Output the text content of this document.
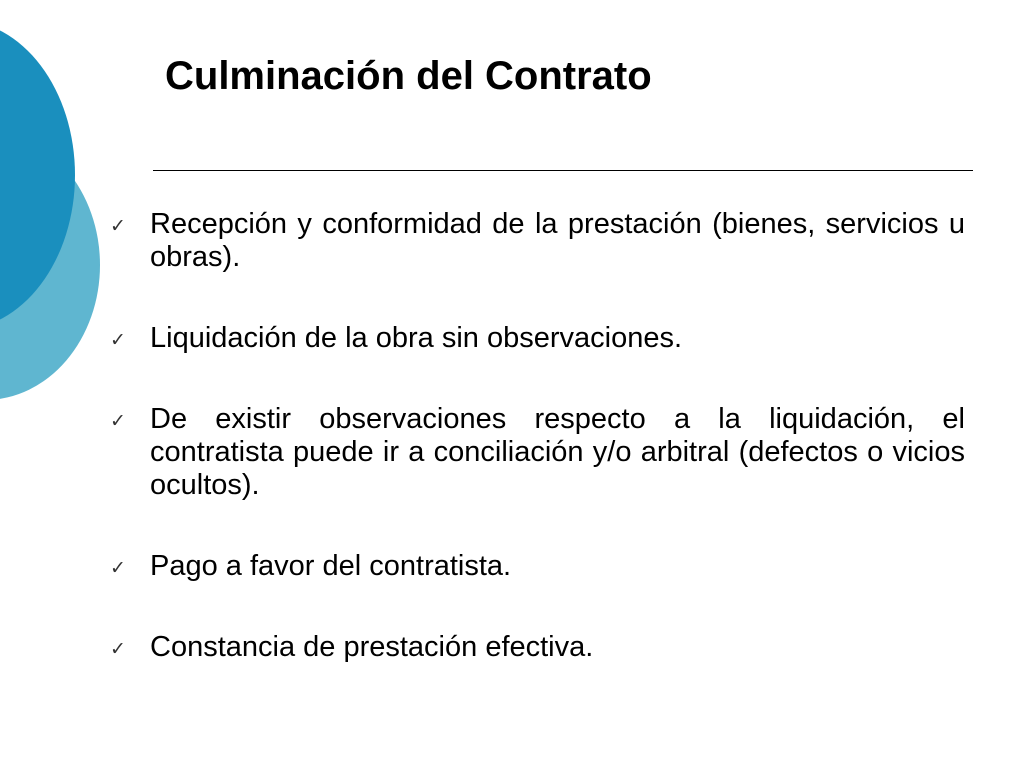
Culminación del Contrato
✓ Recepción y conformidad de la prestación (bienes, servicios u obras).
✓ Liquidación de la obra sin observaciones.
✓ De existir observaciones respecto a la liquidación, el contratista puede ir a conciliación y/o arbitral (defectos o vicios ocultos).
✓ Pago a favor del contratista.
✓ Constancia de prestación efectiva.
